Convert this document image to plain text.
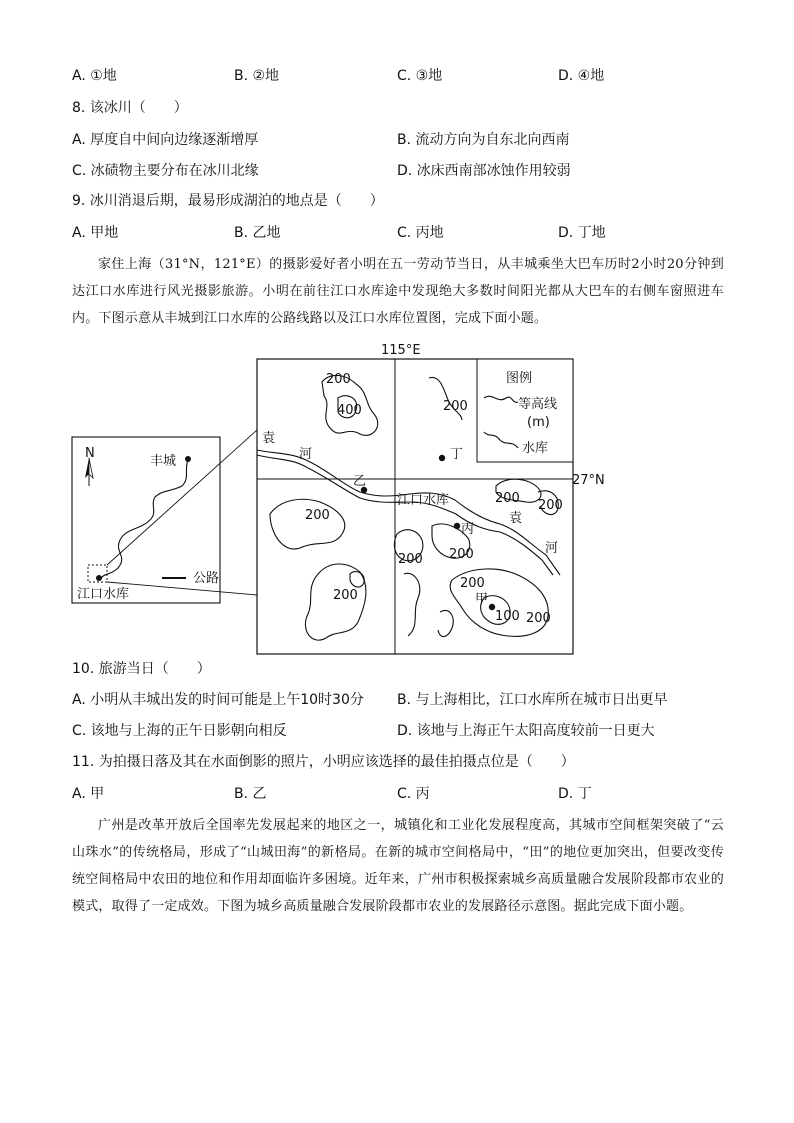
A. ①地	B. ②地	C. ③地	D. ④地
8. 该冰川（　　）
A. 厚度自中间向边缘逐渐增厚	B. 流动方向为自东北向西南
C. 冰碛物主要分布在冰川北缘	D. 冰床西南部冰蚀作用较弱
9. 冰川消退后期，最易形成湖泊的地点是（　　）
A. 甲地	B. 乙地	C. 丙地	D. 丁地
家住上海（31°N，121°E）的摄影爱好者小明在五一劳动节当日，从丰城乘坐大巴车历时2小时20分钟到达江口水库进行风光摄影旅游。小明在前往江口水库途中发现绝大多数时间阳光都从大巴车的右侧车窗照进车内。下图示意从丰城到江口水库的公路线路以及江口水库位置图，完成下面小题。
N
丰城
江口水库
公路
115°E
27°N
图例
等高线
(m)
水库
袁
河
袁
河
江口水库
200
400	200
200 200
200
200 200
200
200
100 200
丁
乙
丙
甲
10. 旅游当日（　　）
A. 小明从丰城出发的时间可能是上午10时30分 B. 与上海相比，江口水库所在城市日出更早
C. 该地与上海的正午日影朝向相反	D. 该地与上海正午太阳高度较前一日更大
11. 为拍摄日落及其在水面倒影的照片，小明应该选择的最佳拍摄点位是（　　）
A. 甲	B. 乙	C. 丙	D. 丁
广州是改革开放后全国率先发展起来的地区之一，城镇化和工业化发展程度高，其城市空间框架突破了“云山珠水”的传统格局，形成了“山城田海”的新格局。在新的城市空间格局中，“田”的地位更加突出，但要改变传统空间格局中农田的地位和作用却面临许多困境。近年来，广州市积极探索城乡高质量融合发展阶段都市农业的模式，取得了一定成效。下图为城乡高质量融合发展阶段都市农业的发展路径示意图。据此完成下面小题。
